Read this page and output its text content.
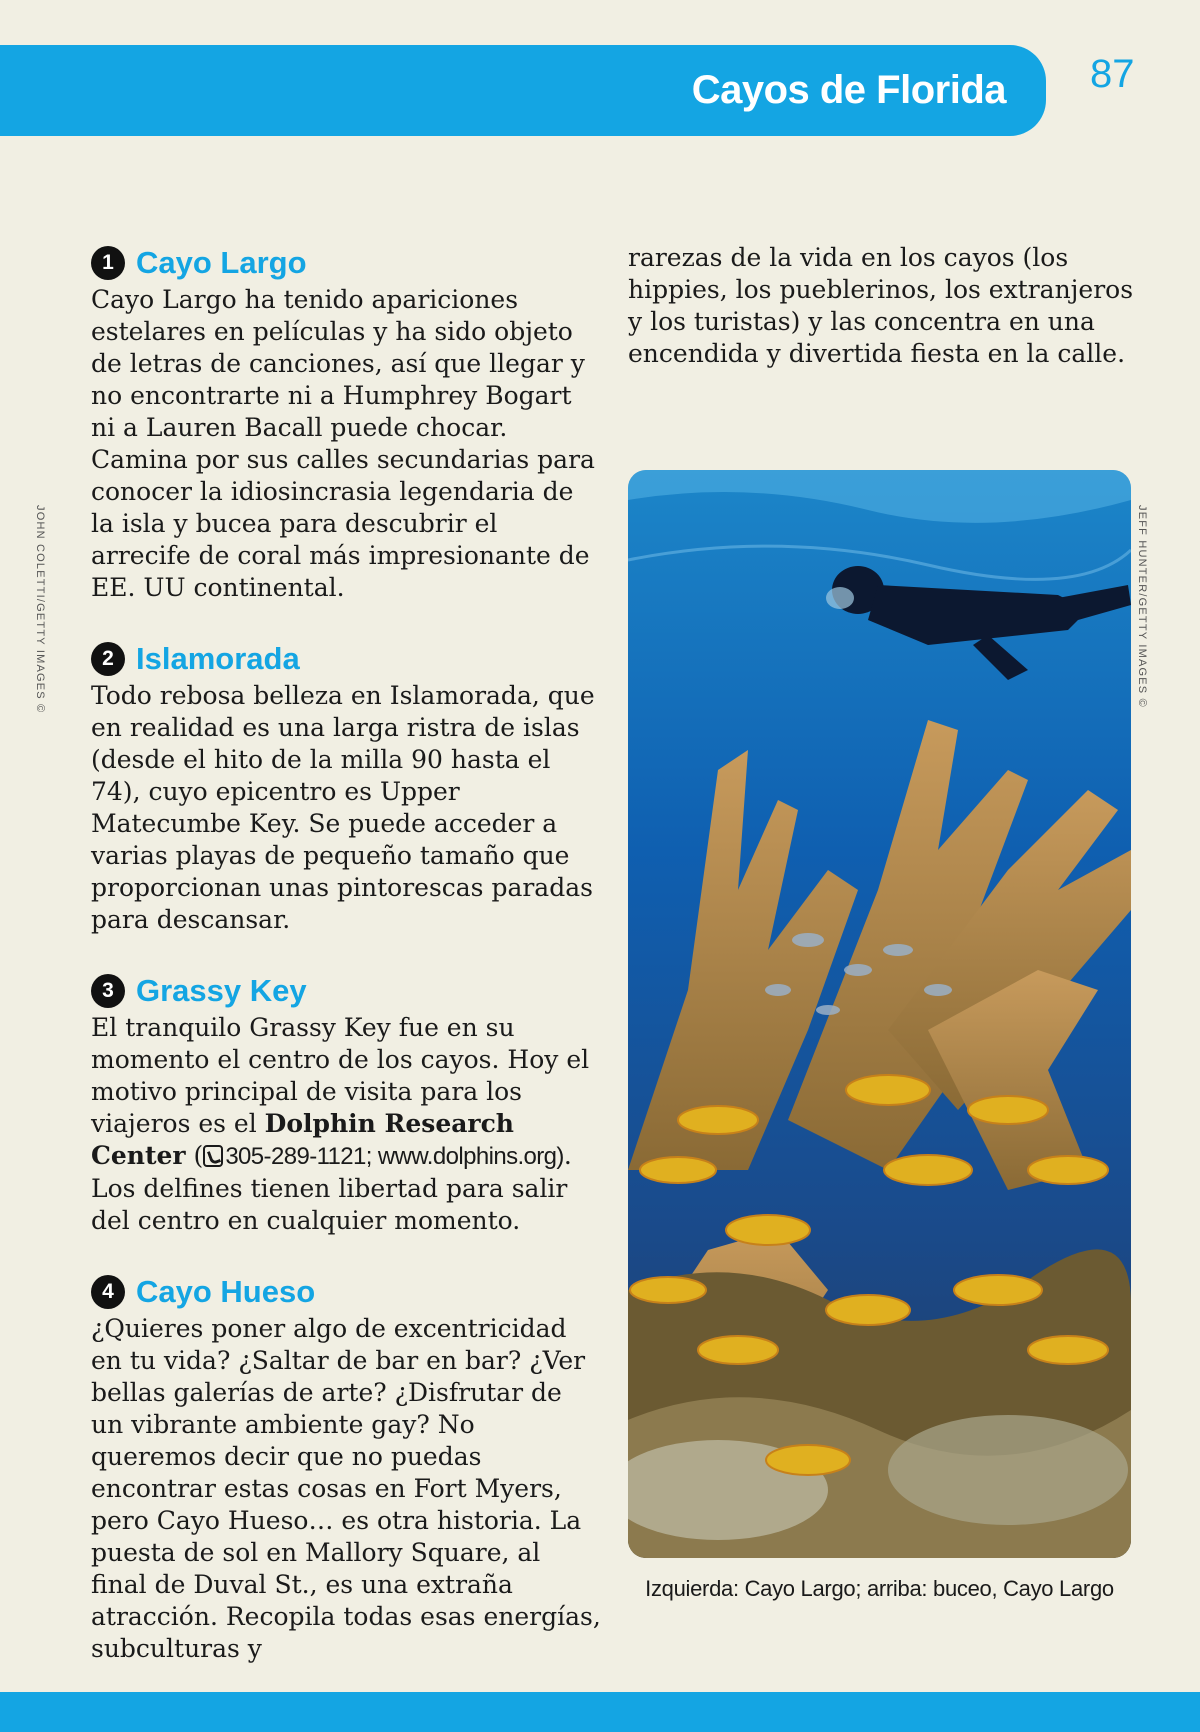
Cayos de Florida 87
JOHN COLETTI/GETTY IMAGES ©	JEFF HUNTER/GETTY IMAGES ©
1 Cayo Largo

Cayo Largo ha tenido apariciones estelares en películas y ha sido objeto de letras de canciones, así que llegar y no encontrarte ni a Humphrey Bogart ni a Lauren Bacall puede chocar. Camina por sus calles secundarias para conocer la idiosincrasia legendaria de la isla y bucea para descubrir el arrecife de coral más impresionante de EE. UU continental.

2 Islamorada

Todo rebosa belleza en Islamorada, que en realidad es una larga ristra de islas (desde el hito de la milla 90 hasta el 74), cuyo epicentro es Upper Matecumbe Key. Se puede acceder a varias playas de pequeño tamaño que proporcionan unas pintorescas paradas para descansar.

3 Grassy Key

El tranquilo Grassy Key fue en su momento el centro de los cayos. Hoy el motivo principal de visita para los viajeros es el Dolphin Research Center ( 305-289-1121; www.dolphins.org). Los delfines tienen libertad para salir del centro en cualquier momento.

4 Cayo Hueso

¿Quieres poner algo de excentricidad en tu vida? ¿Saltar de bar en bar? ¿Ver bellas galerías de arte? ¿Disfrutar de un vibrante ambiente gay? No queremos decir que no puedas encontrar estas cosas en Fort Myers, pero Cayo Hueso… es otra historia. La puesta de sol en Mallory Square, al final de Duval St., es una extraña atracción. Recopila todas esas energías, subculturas y

rarezas de la vida en los cayos (los hippies, los pueblerinos, los extranjeros y los turistas) y las concentra en una encendida y divertida fiesta en la calle.

Izquierda: Cayo Largo; arriba: buceo, Cayo Largo
